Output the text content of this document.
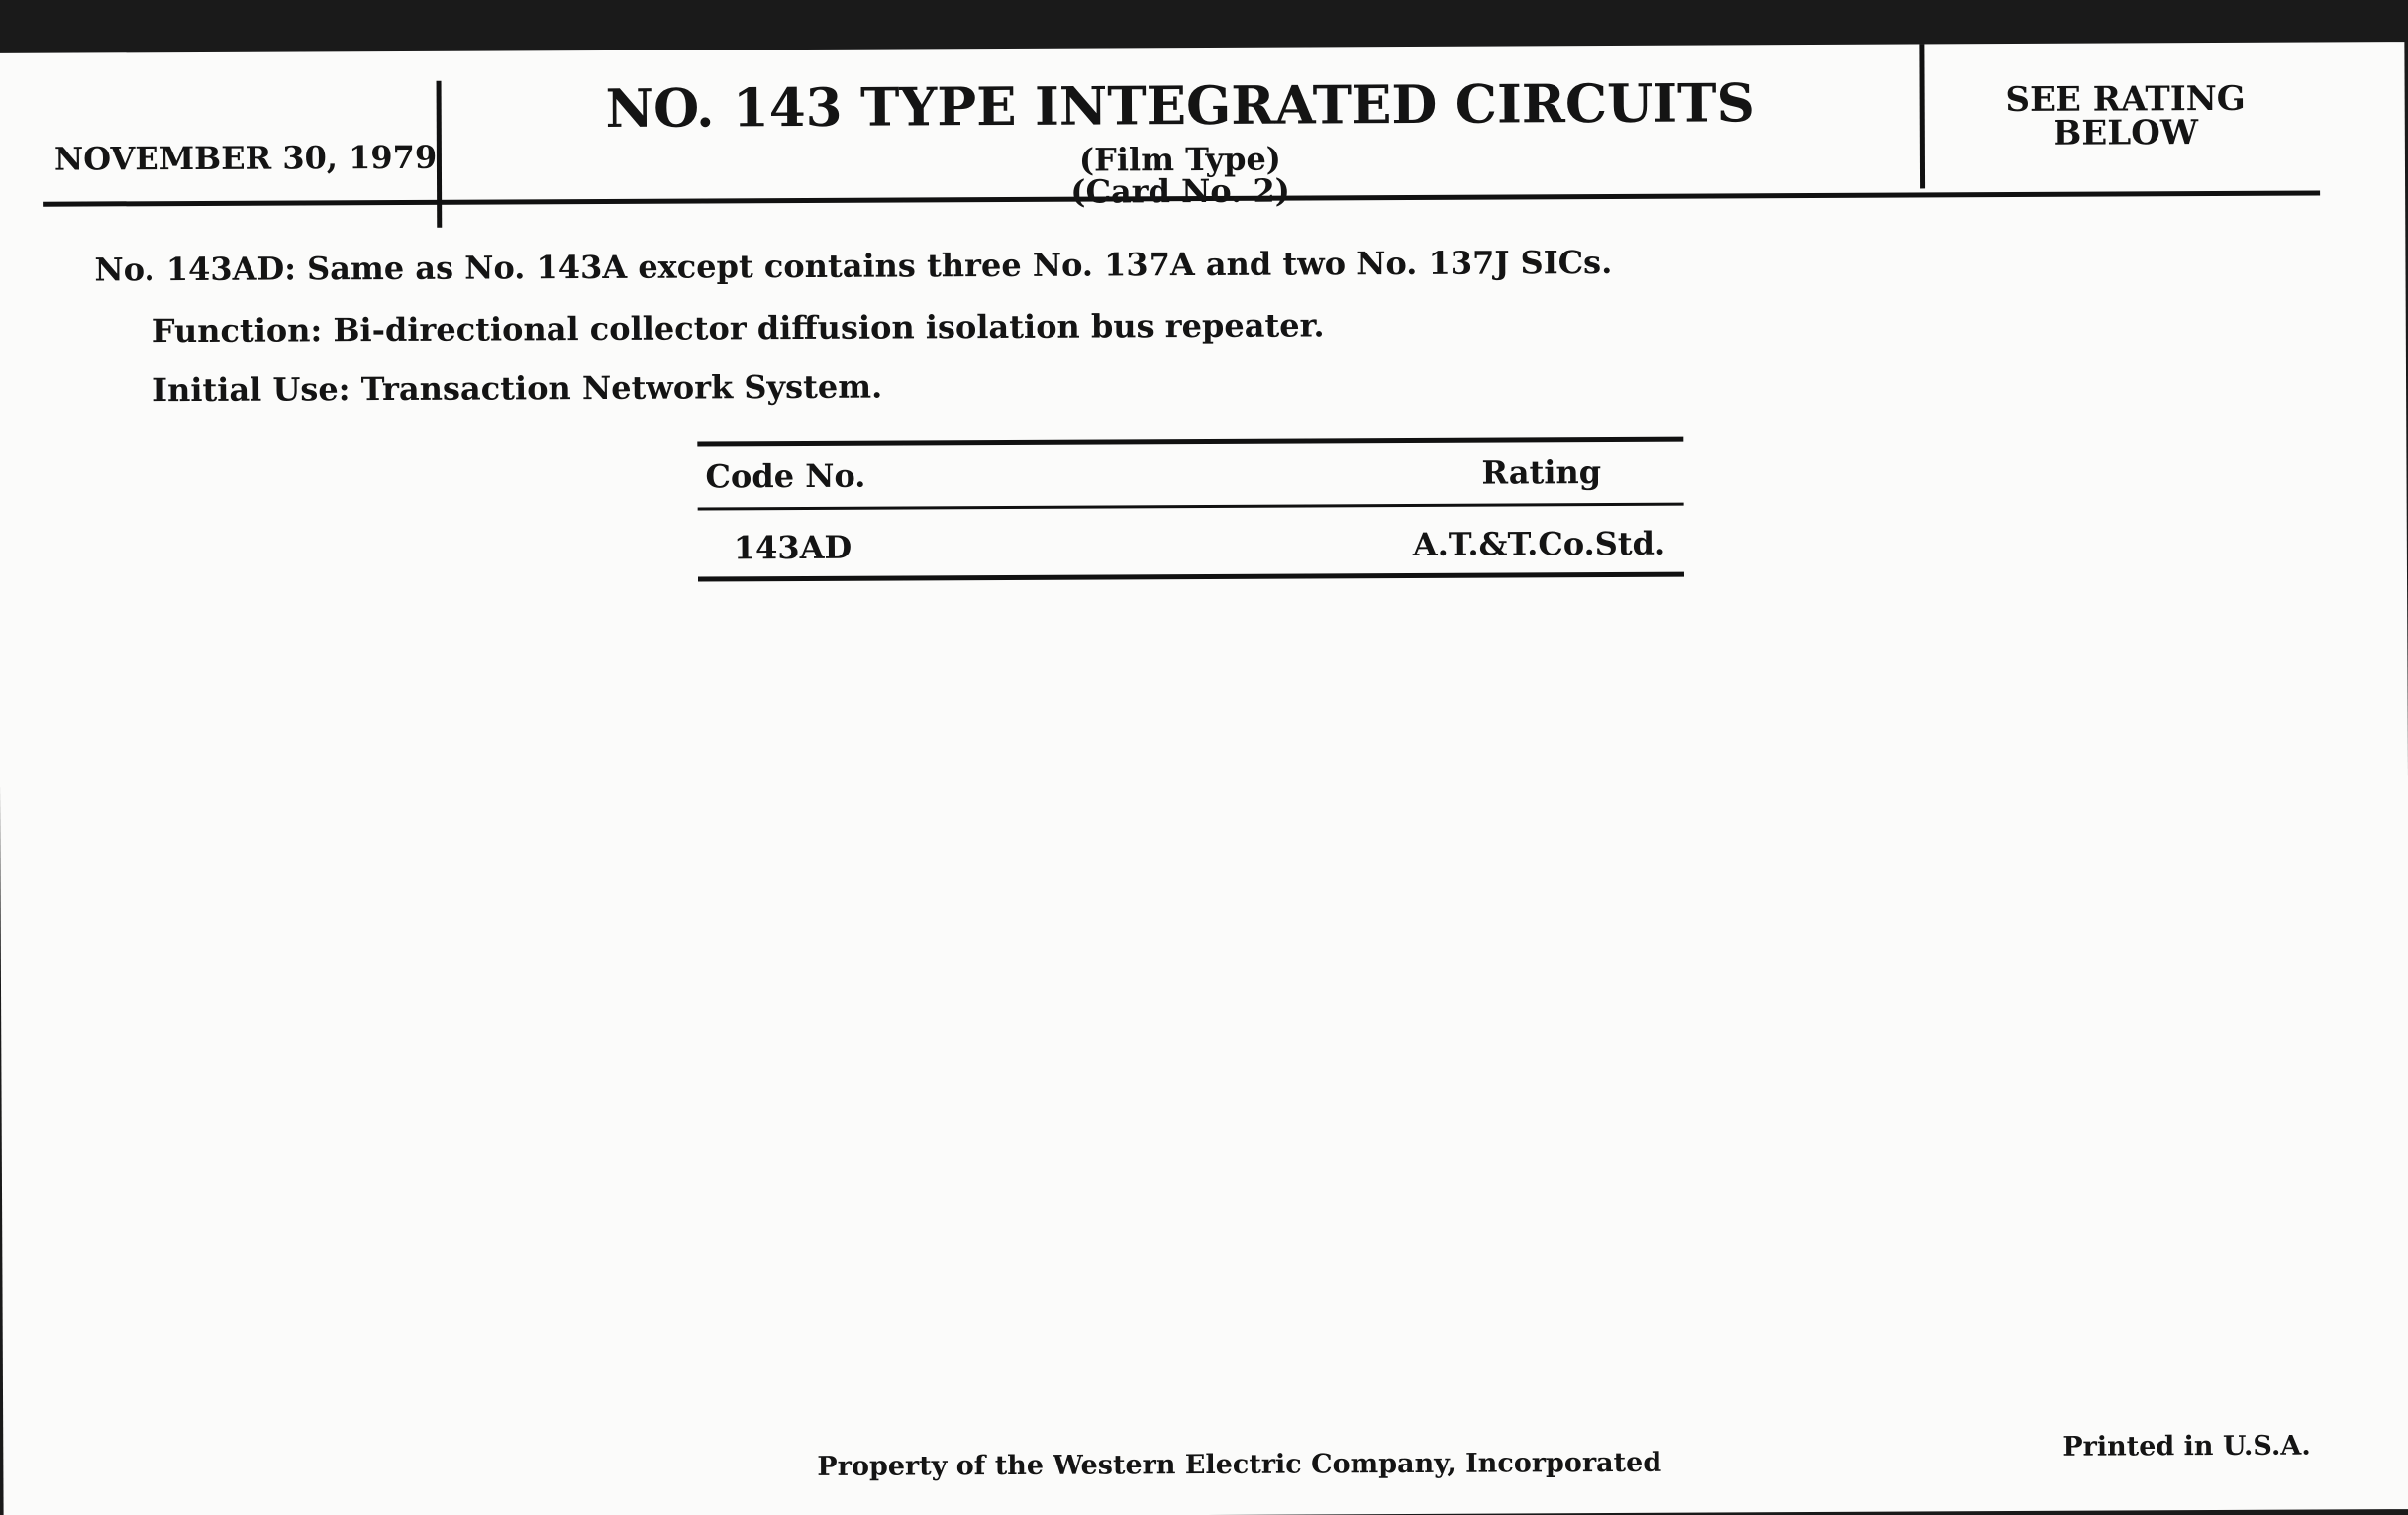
NOVEMBER 30, 1979
NO. 143 TYPE INTEGRATED CIRCUITS
(Film Type)
(Card No. 2)
SEE RATING
BELOW
No. 143AD: Same as No. 143A except contains three No. 137A and two No. 137J SICs.
Function: Bi-directional collector diffusion isolation bus repeater.
Initial Use: Transaction Network System.
Code No.	Rating
143AD	A.T.&T.Co.Std.
Property of the Western Electric Company, Incorporated
Printed in U.S.A.
